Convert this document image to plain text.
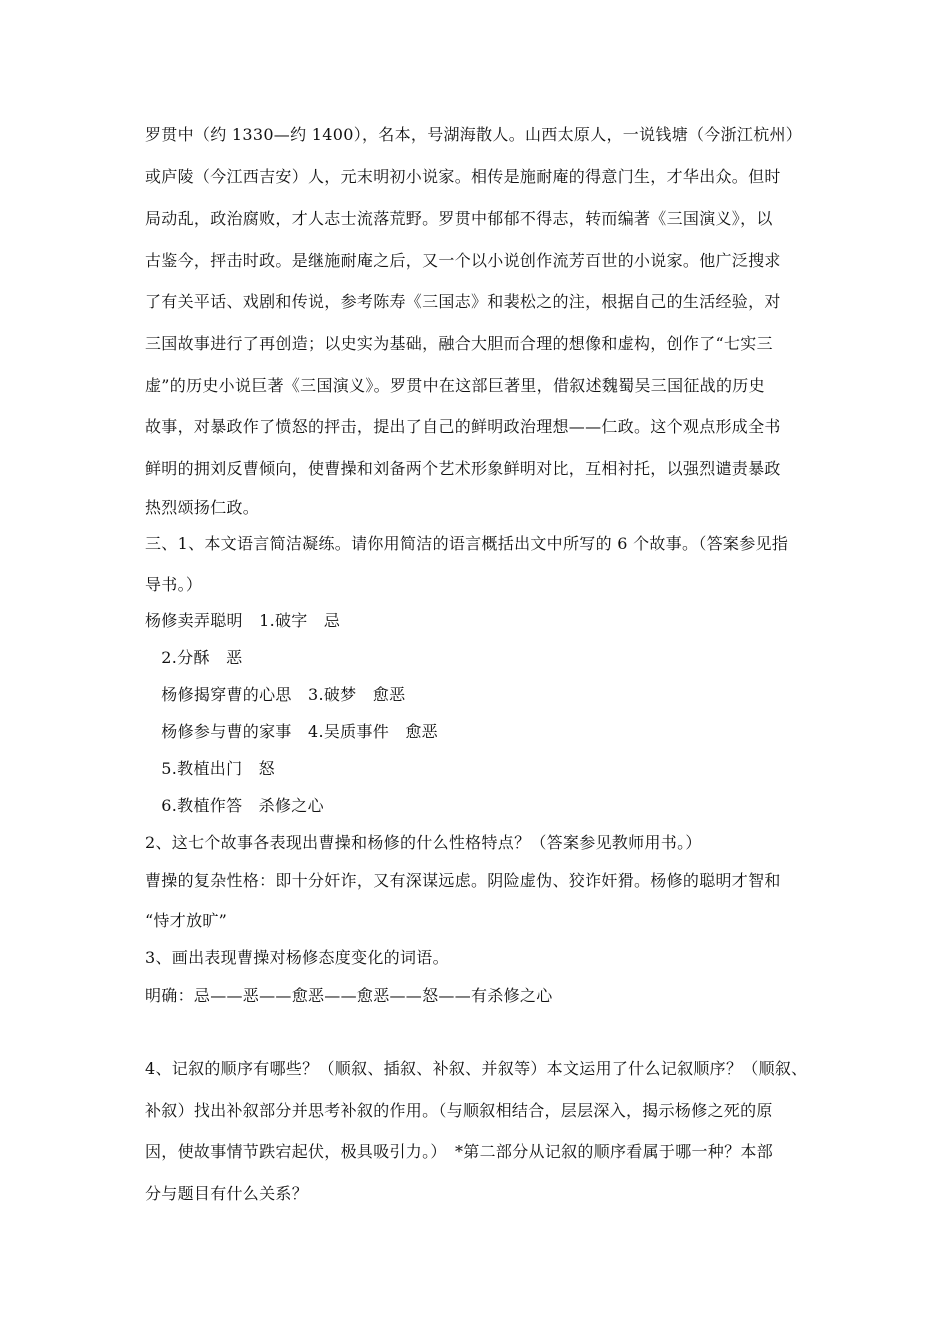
罗贯中（约 1330—约 1400），名本，号湖海散人。山西太原人，一说钱塘（今浙江杭州）
或庐陵（今江西吉安）人，元末明初小说家。相传是施耐庵的得意门生，才华出众。但时
局动乱，政治腐败，才人志士流落荒野。罗贯中郁郁不得志，转而编著《三国演义》，以
古鉴今，抨击时政。是继施耐庵之后，又一个以小说创作流芳百世的小说家。他广泛搜求
了有关平话、戏剧和传说，参考陈寿《三国志》和裴松之的注，根据自己的生活经验，对
三国故事进行了再创造；以史实为基础，融合大胆而合理的想像和虚构，创作了“七实三
虚”的历史小说巨著《三国演义》。罗贯中在这部巨著里，借叙述魏蜀吴三国征战的历史
故事，对暴政作了愤怒的抨击，提出了自己的鲜明政治理想——仁政。这个观点形成全书
鲜明的拥刘反曹倾向，使曹操和刘备两个艺术形象鲜明对比，互相衬托，以强烈谴责暴政
热烈颂扬仁政。
三、1、本文语言简洁凝练。请你用简洁的语言概括出文中所写的 6 个故事。（答案参见指
导书。）
杨修卖弄聪明　1.破字　忌
　2.分酥　恶
　杨修揭穿曹的心思　3.破梦　愈恶
　杨修参与曹的家事　4.吴质事件　愈恶
　5.教植出门　怒
　6.教植作答　杀修之心
2、这七个故事各表现出曹操和杨修的什么性格特点？（答案参见教师用书。）
曹操的复杂性格：即十分奸诈，又有深谋远虑。阴险虚伪、狡诈奸猾。杨修的聪明才智和
“恃才放旷”
3、画出表现曹操对杨修态度变化的词语。
明确：忌——恶——愈恶——愈恶——怒——有杀修之心
4、记叙的顺序有哪些？（顺叙、插叙、补叙、并叙等）本文运用了什么记叙顺序？（顺叙、
补叙）找出补叙部分并思考补叙的作用。（与顺叙相结合，层层深入，揭示杨修之死的原
因，使故事情节跌宕起伏，极具吸引力。）　*第二部分从记叙的顺序看属于哪一种？本部
分与题目有什么关系？
